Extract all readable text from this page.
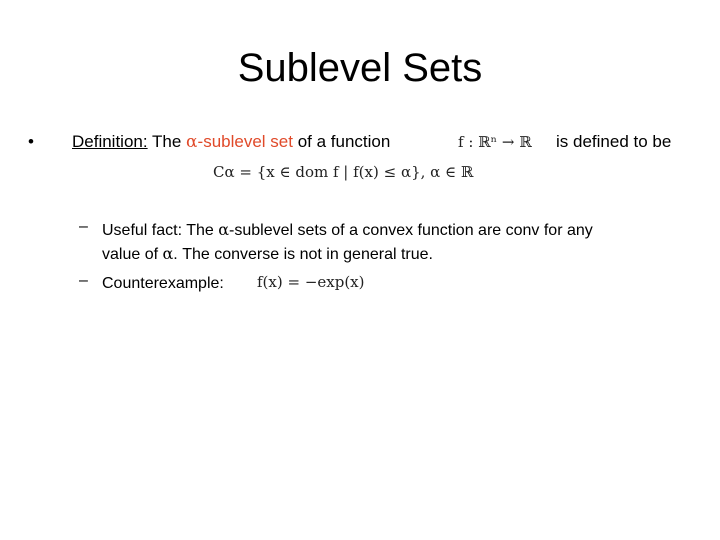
Sublevel Sets
• Definition: The α-sublevel set of a function	f : ℝⁿ → ℝ is defined to be
Cα = {x ∈ dom f | f(x) ≤ α}, α ∈ ℝ
– Useful fact: The α-sublevel sets of a convex function are conv for any
value of α. The converse is not in general true.
– Counterexample: f(x) = −exp(x)
